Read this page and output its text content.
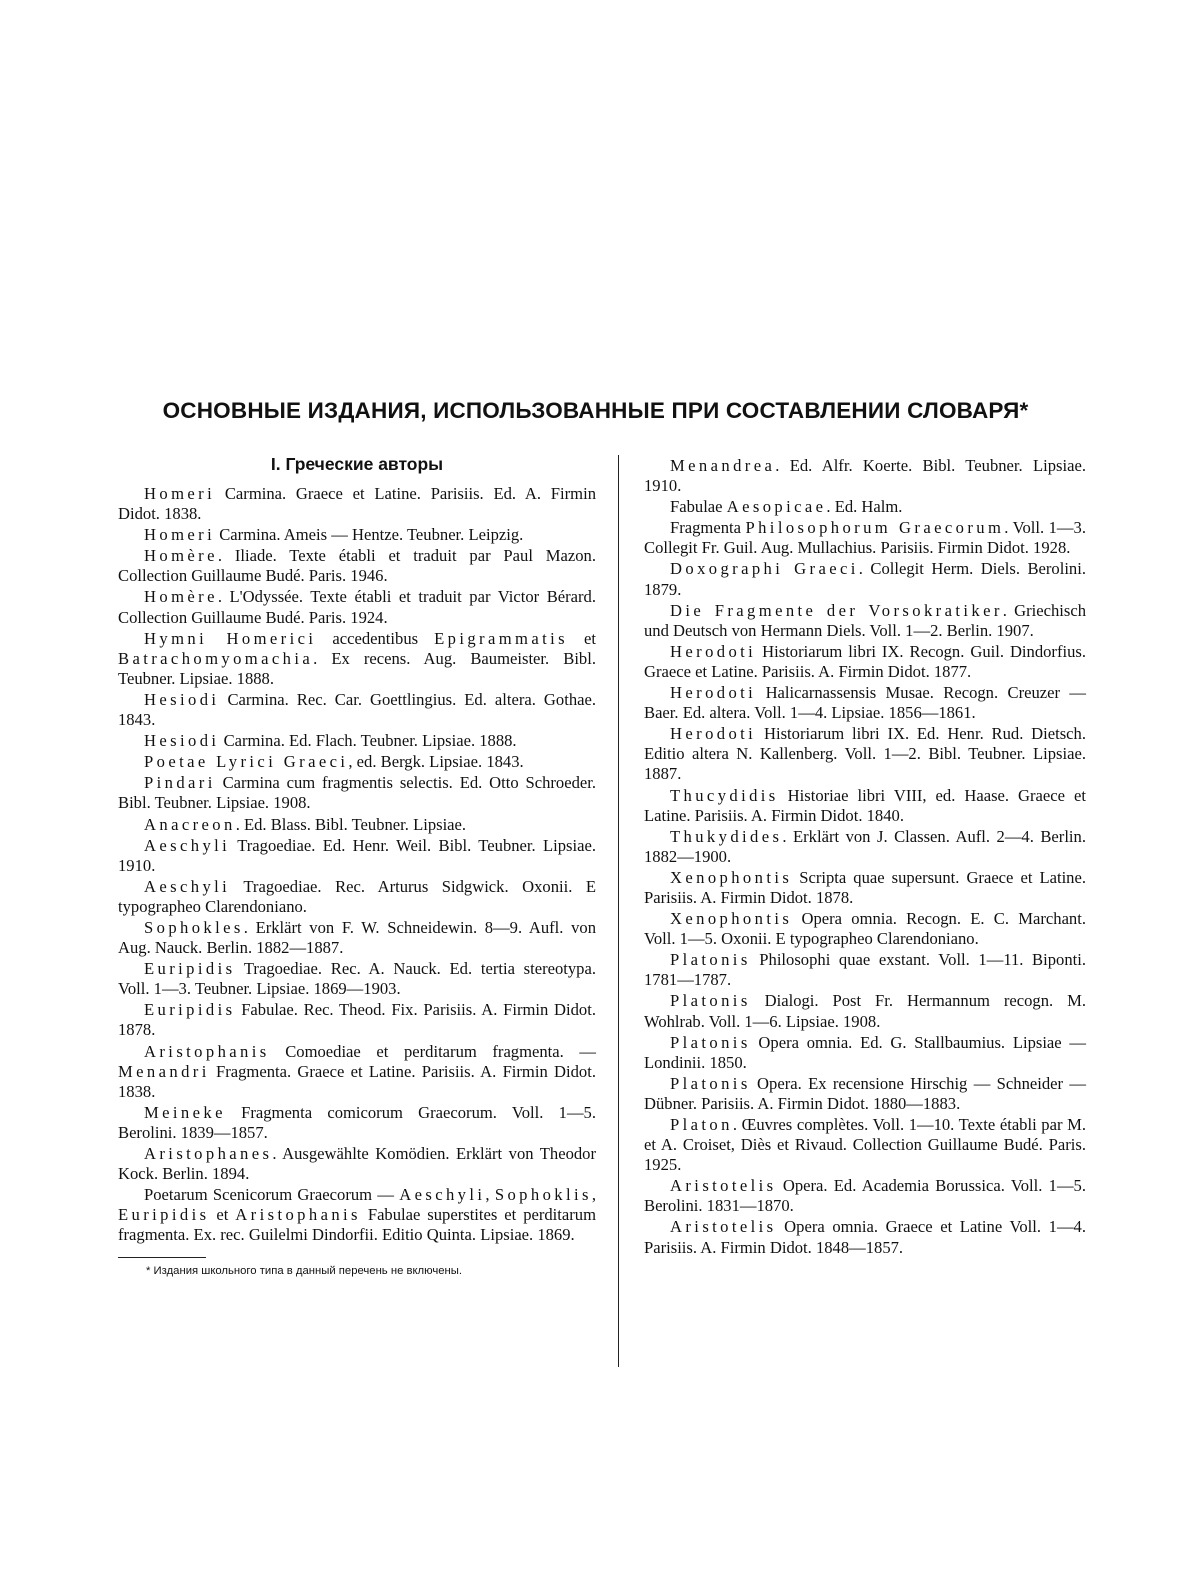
ОСНОВНЫЕ ИЗДАНИЯ, ИСПОЛЬЗОВАННЫЕ ПРИ СОСТАВЛЕНИИ СЛОВАРЯ*
I. Греческие авторы

Homeri Carmina. Graece et Latine. Parisiis. Ed. A. Firmin Didot. 1838.

Homeri Carmina. Ameis — Hentze. Teubner. Leipzig.

Homère. Iliade. Texte établi et traduit par Paul Mazon. Collection Guillaume Budé. Paris. 1946.

Homère. L'Odyssée. Texte établi et traduit par Victor Bérard. Collection Guillaume Budé. Paris. 1924.

Hymni Homerici accedentibus Epigrammatis et Batrachomyomachia. Ex recens. Aug. Baumeister. Bibl. Teubner. Lipsiae. 1888.

Hesiodi Carmina. Rec. Car. Goettlingius. Ed. altera. Gothae. 1843.

Hesiodi Carmina. Ed. Flach. Teubner. Lipsiae. 1888.

Poetae Lyrici Graeci, ed. Bergk. Lipsiae. 1843.

Pindari Carmina cum fragmentis selectis. Ed. Otto Schroeder. Bibl. Teubner. Lipsiae. 1908.

Anacreon. Ed. Blass. Bibl. Teubner. Lipsiae.

Aeschyli Tragoediae. Ed. Henr. Weil. Bibl. Teubner. Lipsiae. 1910.

Aeschyli Tragoediae. Rec. Arturus Sidgwick. Oxonii. E typographeo Clarendoniano.

Sophokles. Erklärt von F. W. Schneidewin. 8—9. Aufl. von Aug. Nauck. Berlin. 1882—1887.

Euripidis Tragoediae. Rec. A. Nauck. Ed. tertia stereotypa. Voll. 1—3. Teubner. Lipsiae. 1869—1903.

Euripidis Fabulae. Rec. Theod. Fix. Parisiis. A. Firmin Didot. 1878.

Aristophanis Comoediae et perditarum fragmenta. — Menandri Fragmenta. Graece et Latine. Parisiis. A. Firmin Didot. 1838.

Meineke Fragmenta comicorum Graecorum. Voll. 1—5. Berolini. 1839—1857.

Aristophanes. Ausgewählte Komödien. Erklärt von Theodor Kock. Berlin. 1894.

Poetarum Scenicorum Graecorum — Aeschyli, Sophoklis, Euripidis et Aristophanis Fabulae superstites et perditarum fragmenta. Ex. rec. Guilelmi Dindorfii. Editio Quinta. Lipsiae. 1869.

* Издания школьного типа в данный перечень не включены.

Menandrea. Ed. Alfr. Koerte. Bibl. Teubner. Lipsiae. 1910.

Fabulae Aesopicae. Ed. Halm.

Fragmenta Philosophorum Graecorum. Voll. 1—3. Collegit Fr. Guil. Aug. Mullachius. Parisiis. Firmin Didot. 1928.

Doxographi Graeci. Collegit Herm. Diels. Berolini. 1879.

Die Fragmente der Vorsokratiker. Griechisch und Deutsch von Hermann Diels. Voll. 1—2. Berlin. 1907.

Herodoti Historiarum libri IX. Recogn. Guil. Dindorfius. Graece et Latine. Parisiis. A. Firmin Didot. 1877.

Herodoti Halicarnassensis Musae. Recogn. Creuzer — Baer. Ed. altera. Voll. 1—4. Lipsiae. 1856—1861.

Herodoti Historiarum libri IX. Ed. Henr. Rud. Dietsch. Editio altera N. Kallenberg. Voll. 1—2. Bibl. Teubner. Lipsiae. 1887.

Thucydidis Historiae libri VIII, ed. Haase. Graece et Latine. Parisiis. A. Firmin Didot. 1840.

Thukydides. Erklärt von J. Classen. Aufl. 2—4. Berlin. 1882—1900.

Xenophontis Scripta quae supersunt. Graece et Latine. Parisiis. A. Firmin Didot. 1878.

Xenophontis Opera omnia. Recogn. E. C. Marchant. Voll. 1—5. Oxonii. E typographeo Clarendoniano.

Platonis Philosophi quae exstant. Voll. 1—11. Biponti. 1781—1787.

Platonis Dialogi. Post Fr. Hermannum recogn. M. Wohlrab. Voll. 1—6. Lipsiae. 1908.

Platonis Opera omnia. Ed. G. Stallbaumius. Lipsiae — Londinii. 1850.

Platonis Opera. Ex recensione Hirschig — Schneider — Dübner. Parisiis. A. Firmin Didot. 1880—1883.

Platon. Œuvres complètes. Voll. 1—10. Texte établi par M. et A. Croiset, Diès et Rivaud. Collection Guillaume Budé. Paris. 1925.

Aristotelis Opera. Ed. Academia Borussica. Voll. 1—5. Berolini. 1831—1870.

Aristotelis Opera omnia. Graece et Latine Voll. 1—4. Parisiis. A. Firmin Didot. 1848—1857.
